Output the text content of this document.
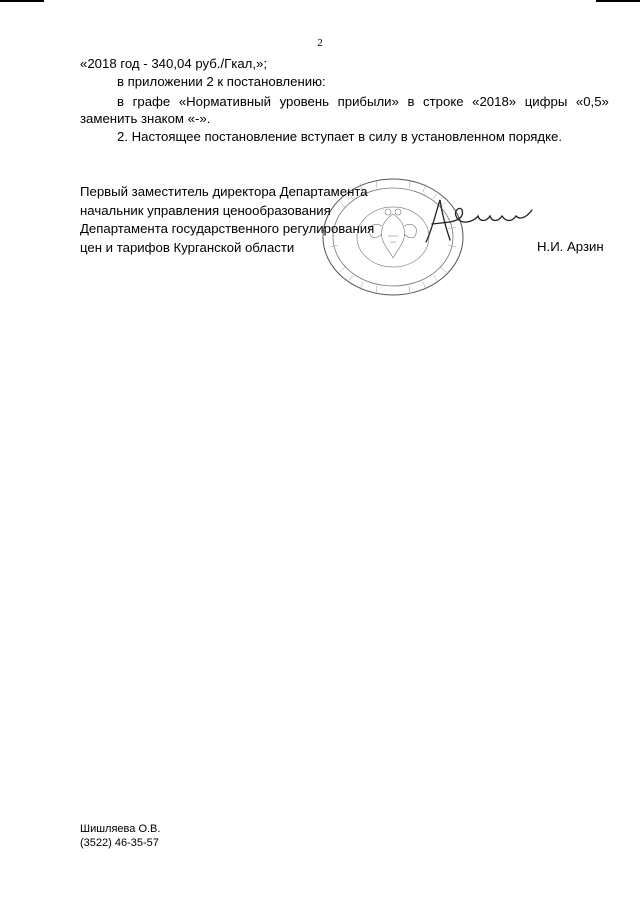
2
«2018 год - 340,04 руб./Гкал,»;
в приложении 2 к постановлению:
в графе «Нормативный уровень прибыли» в строке «2018» цифры «0,5»
заменить знаком «-».
2. Настоящее постановление вступает в силу в установленном порядке.
Первый заместитель директора Департамента
начальник управления ценообразования
Департамента государственного регулирования
цен и тарифов Курганской области	Н.И. Арзин
Шишляева О.В.
(3522) 46-35-57
